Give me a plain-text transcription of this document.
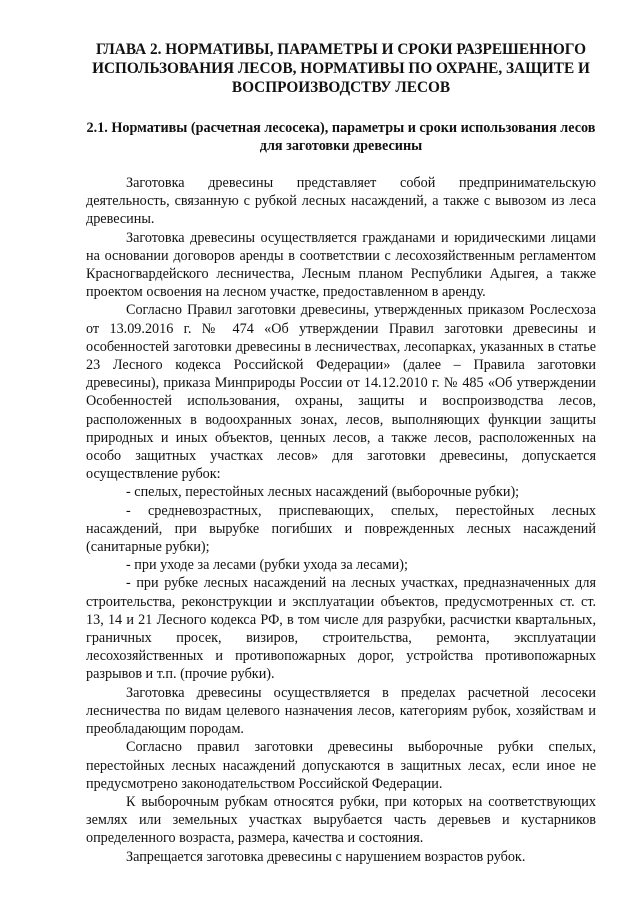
ГЛАВА 2. НОРМАТИВЫ, ПАРАМЕТРЫ И СРОКИ РАЗРЕШЕННОГО ИСПОЛЬЗОВАНИЯ ЛЕСОВ, НОРМАТИВЫ ПО ОХРАНЕ, ЗАЩИТЕ И ВОСПРОИЗВОДСТВУ ЛЕСОВ
2.1. Нормативы (расчетная лесосека), параметры и сроки использования лесов для заготовки древесины

Заготовка древесины представляет собой предпринимательскую деятельность, связанную с рубкой лесных насаждений, а также с вывозом из леса древесины.

Заготовка древесины осуществляется гражданами и юридическими лицами на основании договоров аренды в соответствии с лесохозяйственным регламентом Красногвардейского лесничества, Лесным планом Республики Адыгея, а также проектом освоения на лесном участке, предоставленном в аренду.

Согласно Правил заготовки древесины, утвержденных приказом Рослесхоза от 13.09.2016 г. № 474 «Об утверждении Правил заготовки древесины и особенностей заготовки древесины в лесничествах, лесопарках, указанных в статье 23 Лесного кодекса Российской Федерации» (далее – Правила заготовки древесины), приказа Минприроды России от 14.12.2010 г. № 485 «Об утверждении Особенностей использования, охраны, защиты и воспроизводства лесов, расположенных в водоохранных зонах, лесов, выполняющих функции защиты природных и иных объектов, ценных лесов, а также лесов, расположенных на особо защитных участках лесов» для заготовки древесины, допускается осуществление рубок:

- спелых, перестойных лесных насаждений (выборочные рубки);

- средневозрастных, приспевающих, спелых, перестойных лесных насаждений, при вырубке погибших и поврежденных лесных насаждений (санитарные рубки);

- при уходе за лесами (рубки ухода за лесами);

- при рубке лесных насаждений на лесных участках, предназначенных для строительства, реконструкции и эксплуатации объектов, предусмотренных ст. ст. 13, 14 и 21 Лесного кодекса РФ, в том числе для разрубки, расчистки квартальных, граничных просек, визиров, строительства, ремонта, эксплуатации лесохозяйственных и противопожарных дорог, устройства противопожарных разрывов и т.п. (прочие рубки).

Заготовка древесины осуществляется в пределах расчетной лесосеки лесничества по видам целевого назначения лесов, категориям рубок, хозяйствам и преобладающим породам.

Согласно правил заготовки древесины выборочные рубки спелых, перестойных лесных насаждений допускаются в защитных лесах, если иное не предусмотрено законодательством Российской Федерации.

К выборочным рубкам относятся рубки, при которых на соответствующих землях или земельных участках вырубается часть деревьев и кустарников определенного возраста, размера, качества и состояния.

Запрещается заготовка древесины с нарушением возрастов рубок.
